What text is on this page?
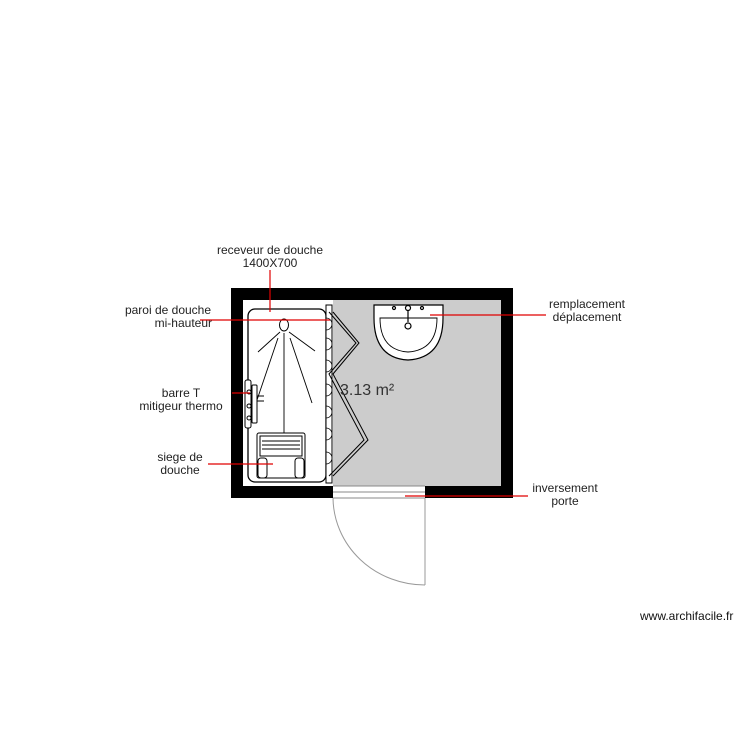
receveur de douche
1400X700
paroi de douche
mi-hauteur
barre T
mitigeur thermo
siege de
douche
remplacement
déplacement
inversement
porte
3.13 m²
www.archifacile.fr
